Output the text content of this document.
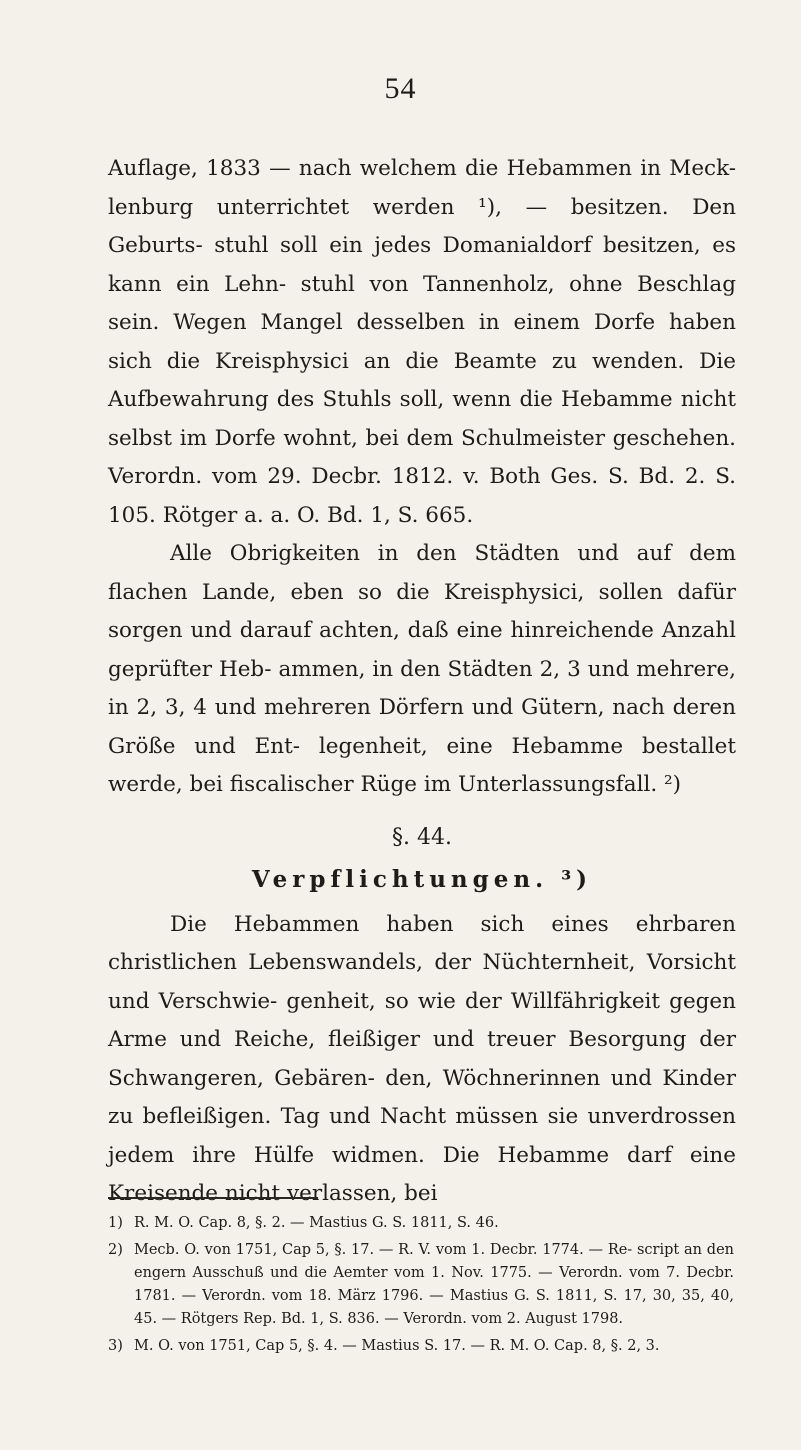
54

Auflage, 1833 — nach welchem die Hebammen in Meck- lenburg unterrichtet werden ¹), — besitzen. Den Geburts- stuhl soll ein jedes Domanialdorf besitzen, es kann ein Lehn- stuhl von Tannenholz, ohne Beschlag sein. Wegen Mangel desselben in einem Dorfe haben sich die Kreisphysici an die Beamte zu wenden. Die Aufbewahrung des Stuhls soll, wenn die Hebamme nicht selbst im Dorfe wohnt, bei dem Schulmeister geschehen. Verordn. vom 29. Decbr. 1812. v. Both Ges. S. Bd. 2. S. 105. Rötger a. a. O. Bd. 1, S. 665.

Alle Obrigkeiten in den Städten und auf dem flachen Lande, eben so die Kreisphysici, sollen dafür sorgen und darauf achten, daß eine hinreichende Anzahl geprüfter Heb- ammen, in den Städten 2, 3 und mehrere, in 2, 3, 4 und mehreren Dörfern und Gütern, nach deren Größe und Ent- legenheit, eine Hebamme bestallet werde, bei fiscalischer Rüge im Unterlassungsfall. ²)

§. 44.
Verpflichtungen. ³)

Die Hebammen haben sich eines ehrbaren christlichen Lebenswandels, der Nüchternheit, Vorsicht und Verschwie- genheit, so wie der Willfährigkeit gegen Arme und Reiche, fleißiger und treuer Besorgung der Schwangeren, Gebären- den, Wöchnerinnen und Kinder zu befleißigen. Tag und Nacht müssen sie unverdrossen jedem ihre Hülfe widmen. Die Hebamme darf eine Kreisende nicht verlassen, bei

1) R. M. O. Cap. 8, §. 2. — Mastius G. S. 1811, S. 46.
2) Mecb. O. von 1751, Cap 5, §. 17. — R. V. vom 1. Decbr. 1774. — Re- script an den engern Ausschuß und die Aemter vom 1. Nov. 1775. — Verordn. vom 7. Decbr. 1781. — Verordn. vom 18. März 1796. — Mastius G. S. 1811, S. 17, 30, 35, 40, 45. — Rötgers Rep. Bd. 1, S. 836. — Verordn. vom 2. August 1798.
3) M. O. von 1751, Cap 5, §. 4. — Mastius S. 17. — R. M. O. Cap. 8, §. 2, 3.
